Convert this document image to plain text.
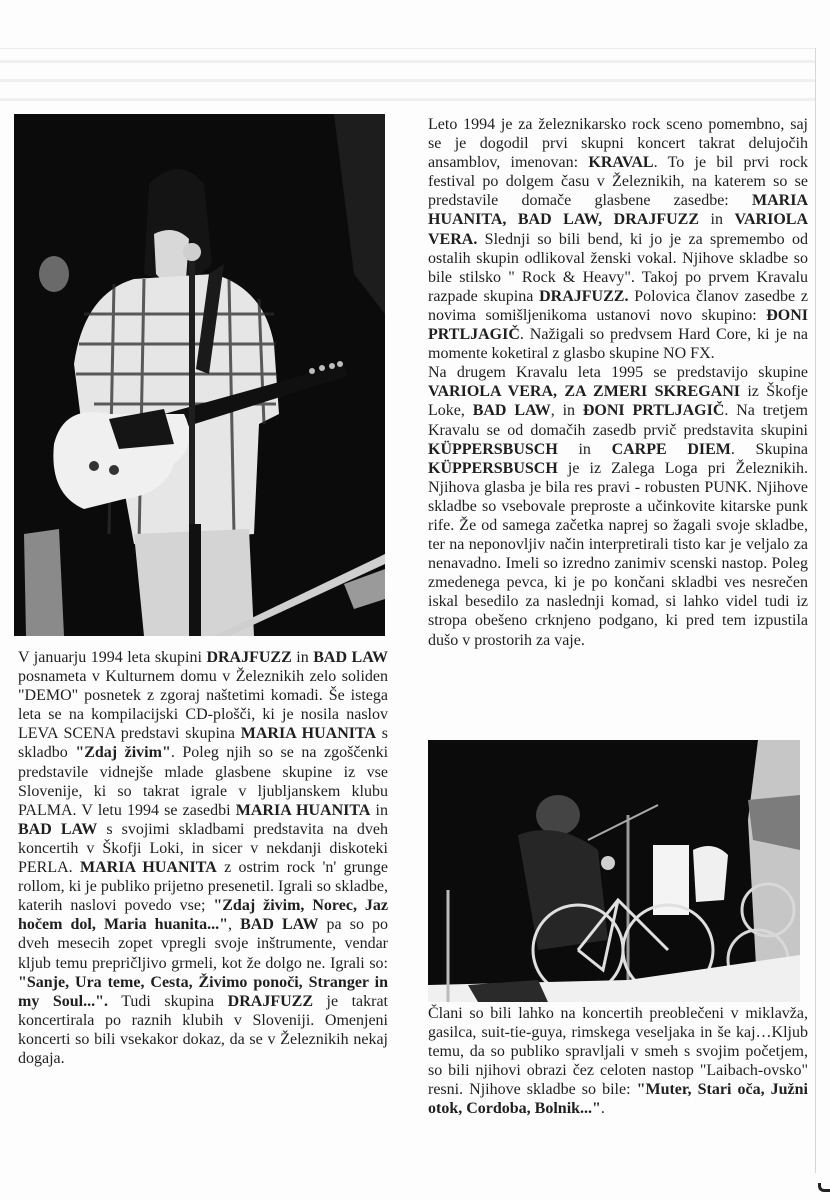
V januarju 1994 leta skupini DRAJFUZZ in BAD LAW posnameta v Kulturnem domu v Železnikih zelo soliden "DEMO" posnetek z zgoraj naštetimi komadi. Še istega leta se na kompilacijski CD-plošči, ki je nosila naslov LEVA SCENA predstavi skupina MARIA HUANITA s skladbo "Zdaj živim". Poleg njih so se na zgoščenki predstavile vidnejše mlade glasbene skupine iz vse Slovenije, ki so takrat igrale v ljubljanskem klubu PALMA. V letu 1994 se zasedbi MARIA HUANITA in BAD LAW s svojimi skladbami predstavita na dveh koncertih v Škofji Loki, in sicer v nekdanji diskoteki PERLA. MARIA HUANITA z ostrim rock 'n' grunge rollom, ki je publiko prijetno presenetil. Igrali so skladbe, katerih naslovi povedo vse; "Zdaj živim, Norec, Jaz hočem dol, Maria huanita...", BAD LAW pa so po dveh mesecih zopet vpregli svoje inštrumente, vendar kljub temu prepričljivo grmeli, kot že dolgo ne. Igrali so: "Sanje, Ura teme, Cesta, Živimo ponoči, Stranger in my Soul...". Tudi skupina DRAJFUZZ je takrat koncertirala po raznih klubih v Sloveniji. Omenjeni koncerti so bili vsekakor dokaz, da se v Železnikih nekaj dogaja.

Leto 1994 je za železnikarsko rock sceno pomembno, saj se je dogodil prvi skupni koncert takrat delujočih ansamblov, imenovan: KRAVAL. To je bil prvi rock festival po dolgem času v Železnikih, na katerem so se predstavile domače glasbene zasedbe: MARIA HUANITA, BAD LAW, DRAJFUZZ in VARIOLA VERA. Slednji so bili bend, ki jo je za spremembo od ostalih skupin odlikoval ženski vokal. Njihove skladbe so bile stilsko " Rock & Heavy". Takoj po prvem Kravalu razpade skupina DRAJFUZZ. Polovica članov zasedbe z novima somišljenikoma ustanovi novo skupino: ĐONI PRTLJAGIČ. Nažigali so predvsem Hard Core, ki je na momente koketiral z glasbo skupine NO FX.

Na drugem Kravalu leta 1995 se predstavijo skupine VARIOLA VERA, ZA ZMERI SKREGANI iz Škofje Loke, BAD LAW, in ĐONI PRTLJAGIČ. Na tretjem Kravalu se od domačih zasedb prvič predstavita skupini KÜPPERSBUSCH in CARPE DIEM. Skupina KÜPPERSBUSCH je iz Zalega Loga pri Železnikih. Njihova glasba je bila res pravi - robusten PUNK. Njihove skladbe so vsebovale preproste a učinkovite kitarske punk rife. Že od samega začetka naprej so žagali svoje skladbe, ter na neponovljiv način interpretirali tisto kar je veljalo za nenavadno. Imeli so izredno zanimiv scenski nastop. Poleg zmedenega pevca, ki je po končani skladbi ves nesrečen iskal besedilo za naslednji komad, si lahko videl tudi iz stropa obešeno crknjeno podgano, ki pred tem izpustila dušo v prostorih za vaje.

Člani so bili lahko na koncertih preoblečeni v miklavža, gasilca, suit-tie-guya, rimskega veseljaka in še kaj…Kljub temu, da so publiko spravljali v smeh s svojim početjem, so bili njihovi obrazi čez celoten nastop "Laibach-ovsko" resni. Njihove skladbe so bile: "Muter, Stari oča, Južni otok, Cordoba, Bolnik...".
